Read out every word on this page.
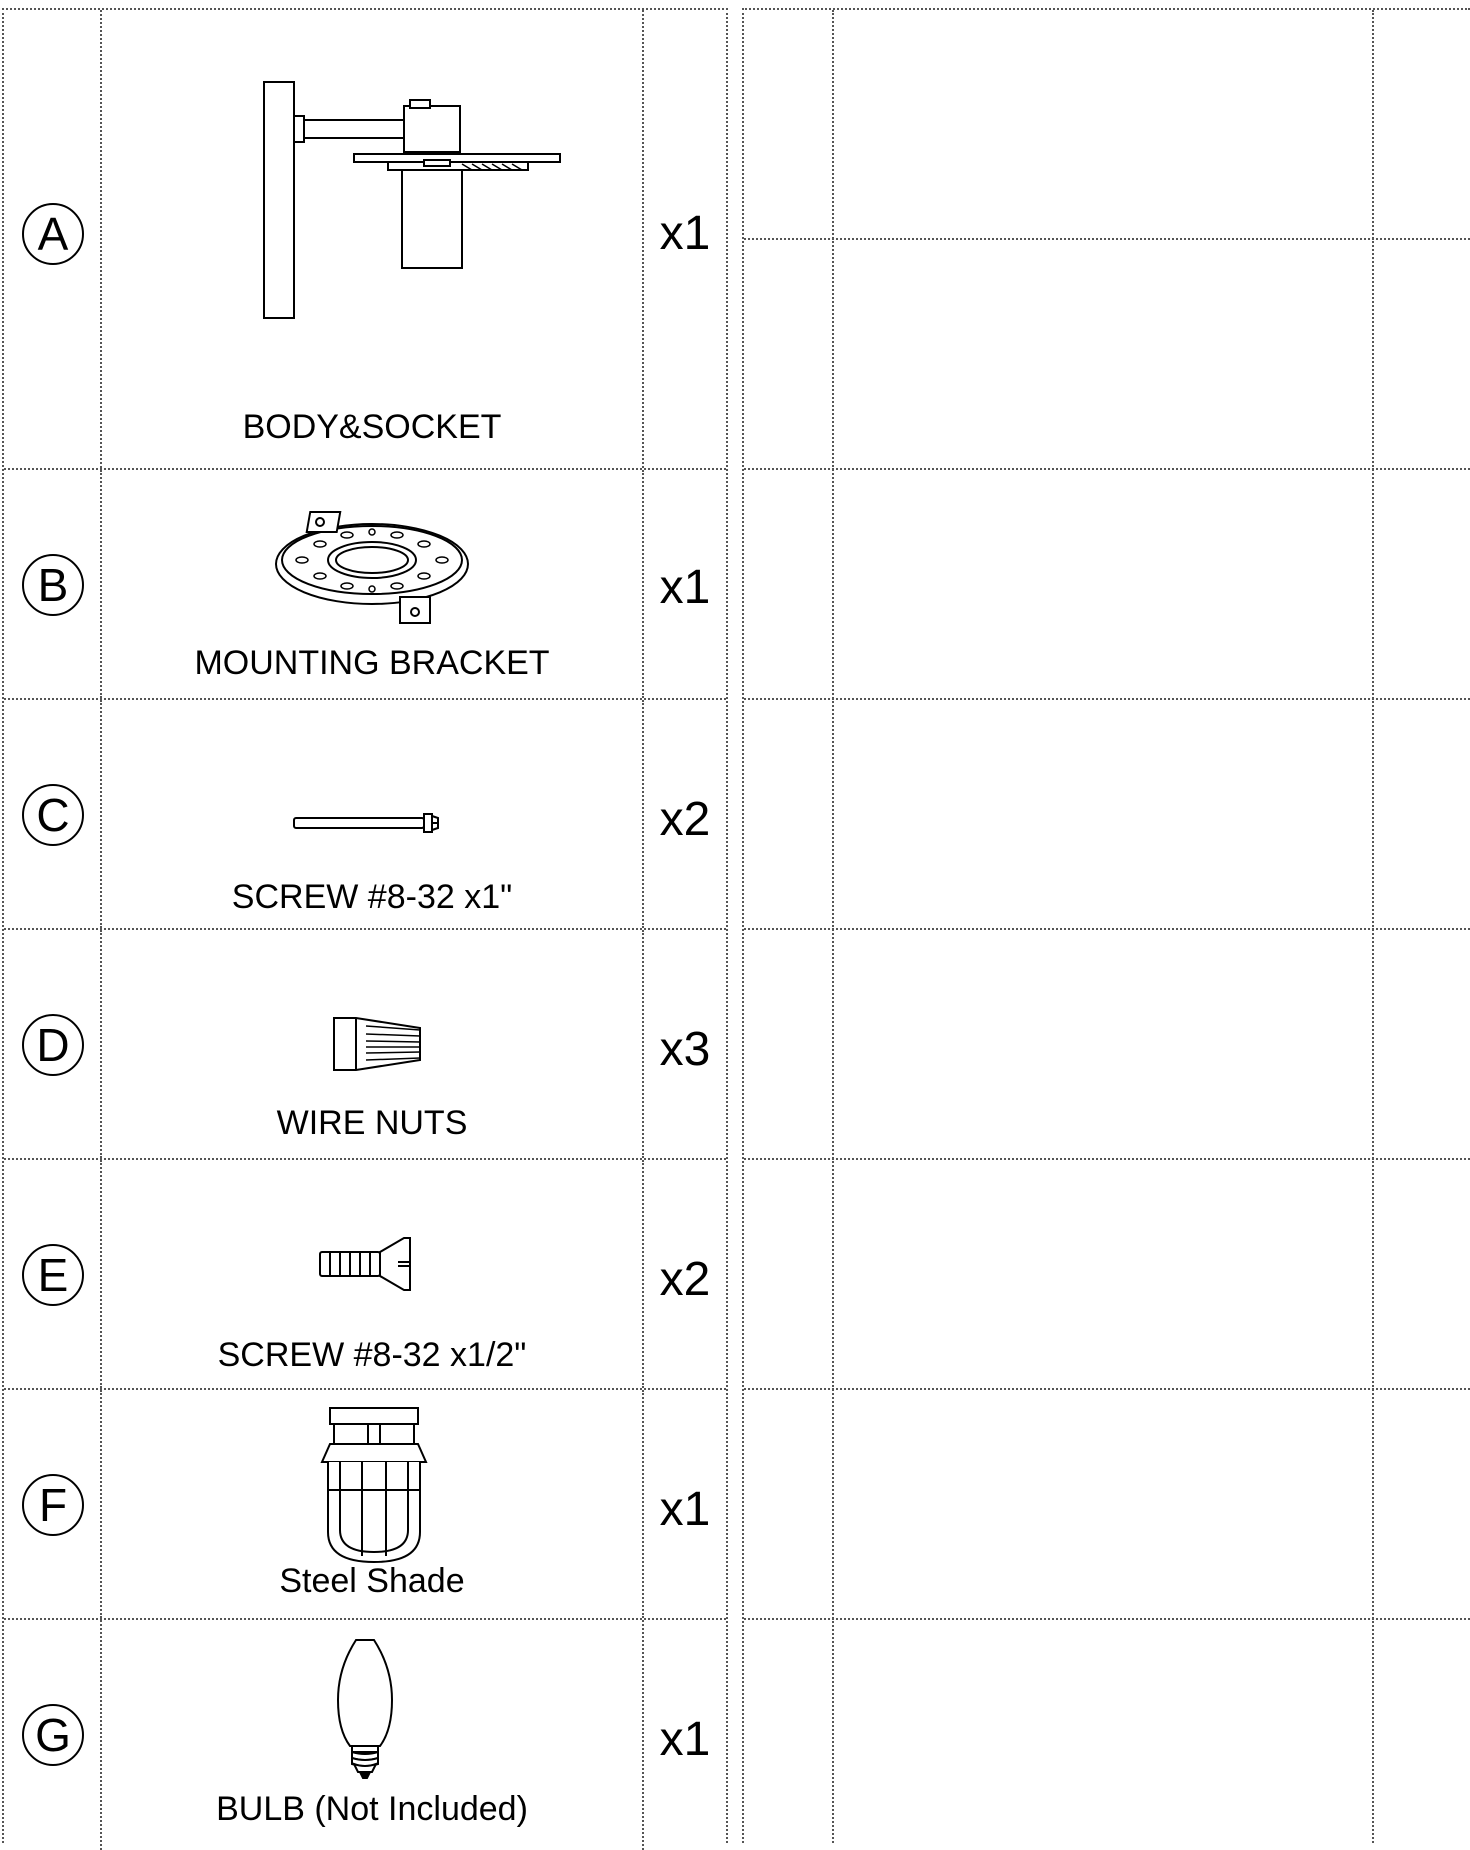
A
BODY&SOCKET
x1
B
MOUNTING BRACKET
x1
C
SCREW #8-32 x1"
x2
D
WIRE NUTS
x3
E
SCREW #8-32 x1/2"
x2
F
Steel Shade
x1
G
BULB (Not Included)
x1
